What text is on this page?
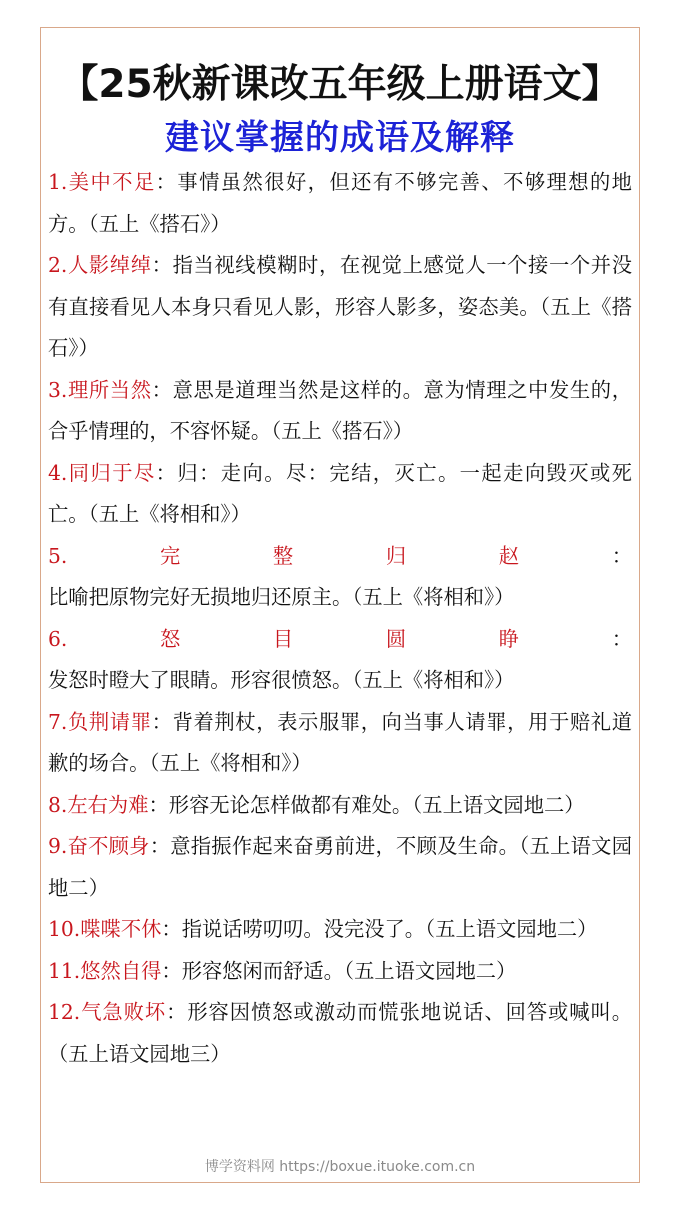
【25秋新课改五年级上册语文】
建议掌握的成语及解释

1.美中不足：事情虽然很好，但还有不够完善、不够理想的地方。（五上《搭石》）

2.人影绰绰：指当视线模糊时，在视觉上感觉人一个接一个并没有直接看见人本身只看见人影，形容人影多，姿态美。（五上《搭石》）

3.理所当然：意思是道理当然是这样的。意为情理之中发生的，合乎情理的，不容怀疑。（五上《搭石》）

4.同归于尽：归：走向。尽：完结，灭亡。一起走向毁灭或死亡。（五上《将相和》）

5.完整归赵：比喻把原物完好无损地归还原主。（五上《将相和》）

6.怒目圆睁：发怒时瞪大了眼睛。形容很愤怒。（五上《将相和》）

7.负荆请罪：背着荆杖，表示服罪，向当事人请罪，用于赔礼道歉的场合。（五上《将相和》）

8.左右为难：形容无论怎样做都有难处。（五上语文园地二）

9.奋不顾身：意指振作起来奋勇前进，不顾及生命。（五上语文园地二）

10.喋喋不休：指说话唠叨叨。没完没了。（五上语文园地二）

11.悠然自得：形容悠闲而舒适。（五上语文园地二）

12.气急败坏：形容因愤怒或激动而慌张地说话、回答或喊叫。（五上语文园地三）

博学资料网 https://boxue.ituoke.com.cn
